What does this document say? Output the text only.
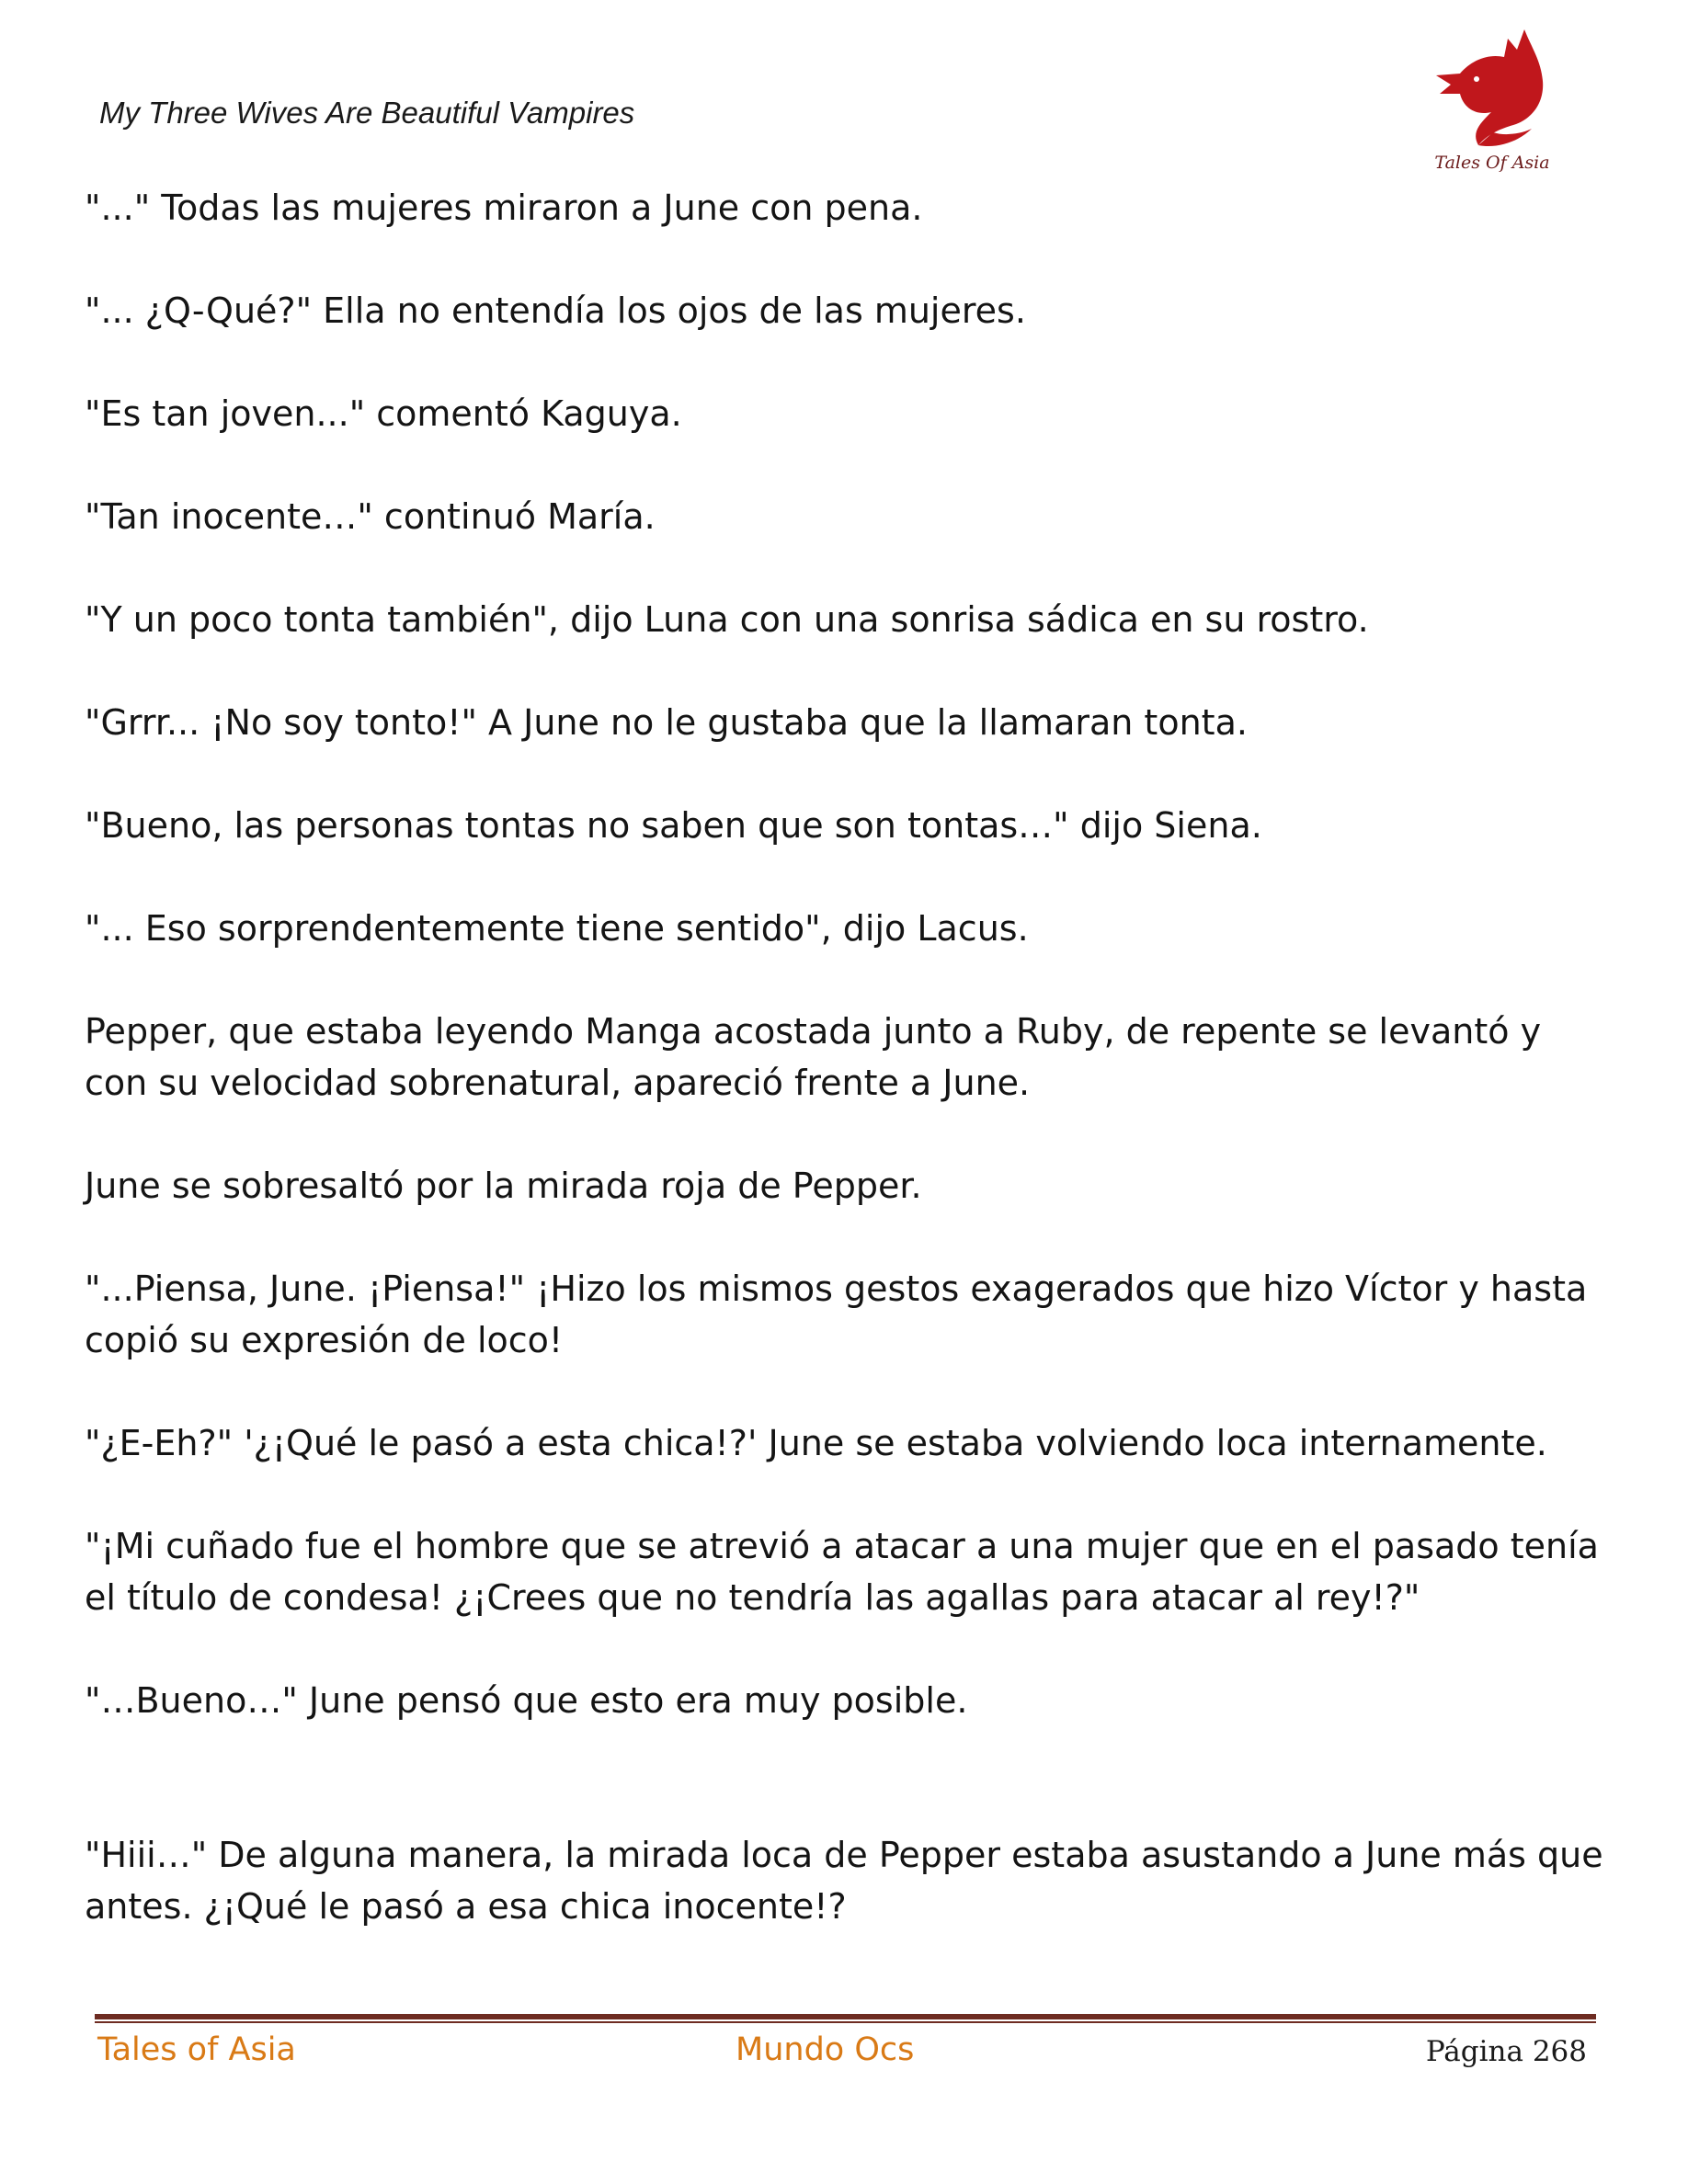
My Three Wives Are Beautiful Vampires
Tales Of Asia

"..." Todas las mujeres miraron a June con pena.

"... ¿Q-Qué?" Ella no entendía los ojos de las mujeres.

"Es tan joven..." comentó Kaguya.

"Tan inocente…" continuó María.

"Y un poco tonta también", dijo Luna con una sonrisa sádica en su rostro.

"Grrr... ¡No soy tonto!" A June no le gustaba que la llamaran tonta.

"Bueno, las personas tontas no saben que son tontas…" dijo Siena.

"... Eso sorprendentemente tiene sentido", dijo Lacus.

Pepper, que estaba leyendo Manga acostada junto a Ruby, de repente se levantó y con su velocidad sobrenatural, apareció frente a June.

June se sobresaltó por la mirada roja de Pepper.

"...Piensa, June. ¡Piensa!" ¡Hizo los mismos gestos exagerados que hizo Víctor y hasta copió su expresión de loco!

"¿E-Eh?" '¿¡Qué le pasó a esta chica!?' June se estaba volviendo loca internamente.

"¡Mi cuñado fue el hombre que se atrevió a atacar a una mujer que en el pasado tenía el título de condesa! ¿¡Crees que no tendría las agallas para atacar al rey!?"

"…Bueno…" June pensó que esto era muy posible.

"Hiii…" De alguna manera, la mirada loca de Pepper estaba asustando a June más que antes. ¿¡Qué le pasó a esa chica inocente!?

Tales of Asia	Mundo Ocs	Página 268
